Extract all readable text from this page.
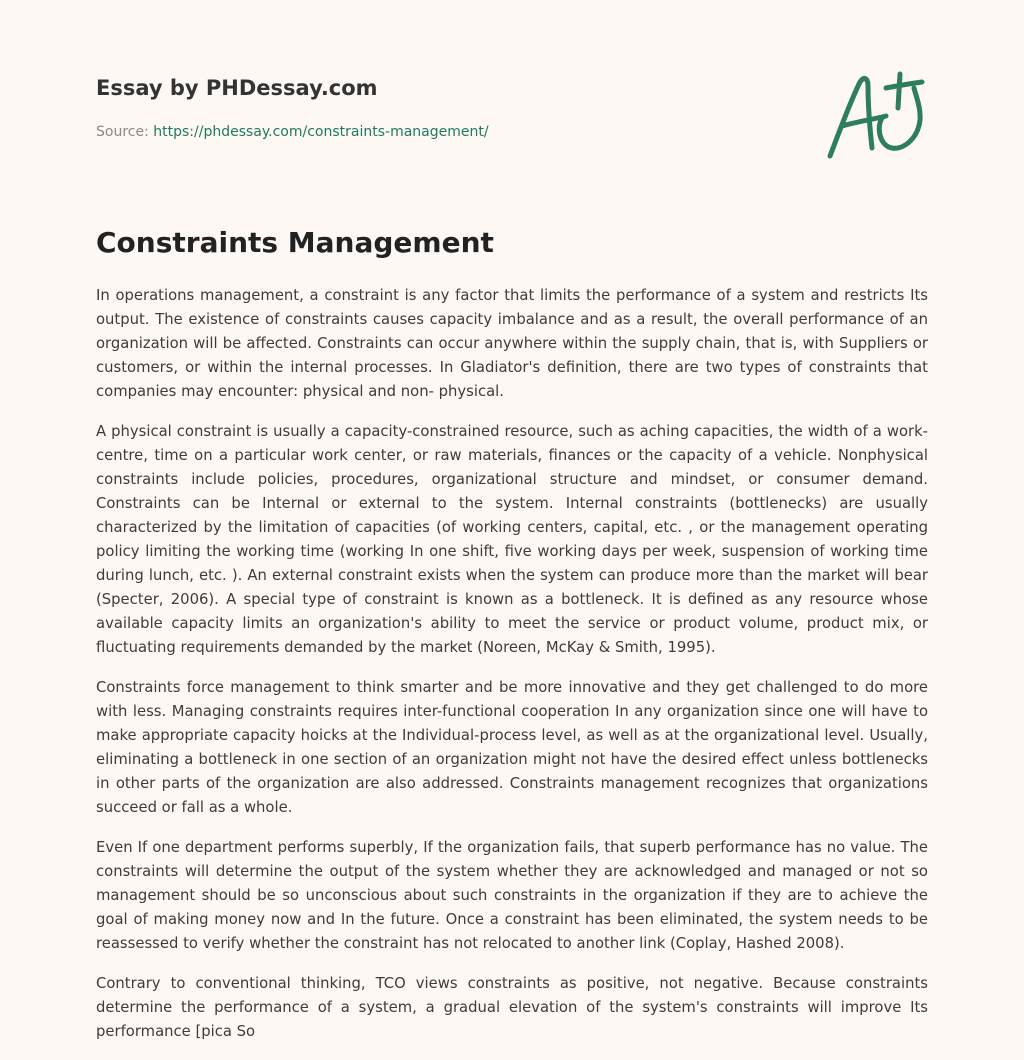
Essay by PHDessay.com
Source: https://phdessay.com/constraints-management/
Constraints Management

In operations management, a constraint is any factor that limits the performance of a system and restricts Its output. The existence of constraints causes capacity imbalance and as a result, the overall performance of an organization will be affected. Constraints can occur anywhere within the supply chain, that is, with Suppliers or customers, or within the internal processes. In Gladiator's definition, there are two types of constraints that companies may encounter: physical and non- physical.

A physical constraint is usually a capacity-constrained resource, such as aching capacities, the width of a work-centre, time on a particular work center, or raw materials, finances or the capacity of a vehicle. Nonphysical constraints include policies, procedures, organizational structure and mindset, or consumer demand. Constraints can be Internal or external to the system. Internal constraints (bottlenecks) are usually characterized by the limitation of capacities (of working centers, capital, etc. , or the management operating policy limiting the working time (working In one shift, five working days per week, suspension of working time during lunch, etc. ). An external constraint exists when the system can produce more than the market will bear (Specter, 2006). A special type of constraint is known as a bottleneck. It is defined as any resource whose available capacity limits an organization's ability to meet the service or product volume, product mix, or fluctuating requirements demanded by the market (Noreen, McKay & Smith, 1995).

Constraints force management to think smarter and be more innovative and they get challenged to do more with less. Managing constraints requires inter-functional cooperation In any organization since one will have to make appropriate capacity hoicks at the Individual-process level, as well as at the organizational level. Usually, eliminating a bottleneck in one section of an organization might not have the desired effect unless bottlenecks in other parts of the organization are also addressed. Constraints management recognizes that organizations succeed or fall as a whole.

Even If one department performs superbly, If the organization fails, that superb performance has no value. The constraints will determine the output of the system whether they are acknowledged and managed or not so management should be so unconscious about such constraints in the organization if they are to achieve the goal of making money now and In the future. Once a constraint has been eliminated, the system needs to be reassessed to verify whether the constraint has not relocated to another link (Coplay, Hashed 2008).

Contrary to conventional thinking, TCO views constraints as positive, not negative. Because constraints determine the performance of a system, a gradual elevation of the system's constraints will improve Its performance [pica So
